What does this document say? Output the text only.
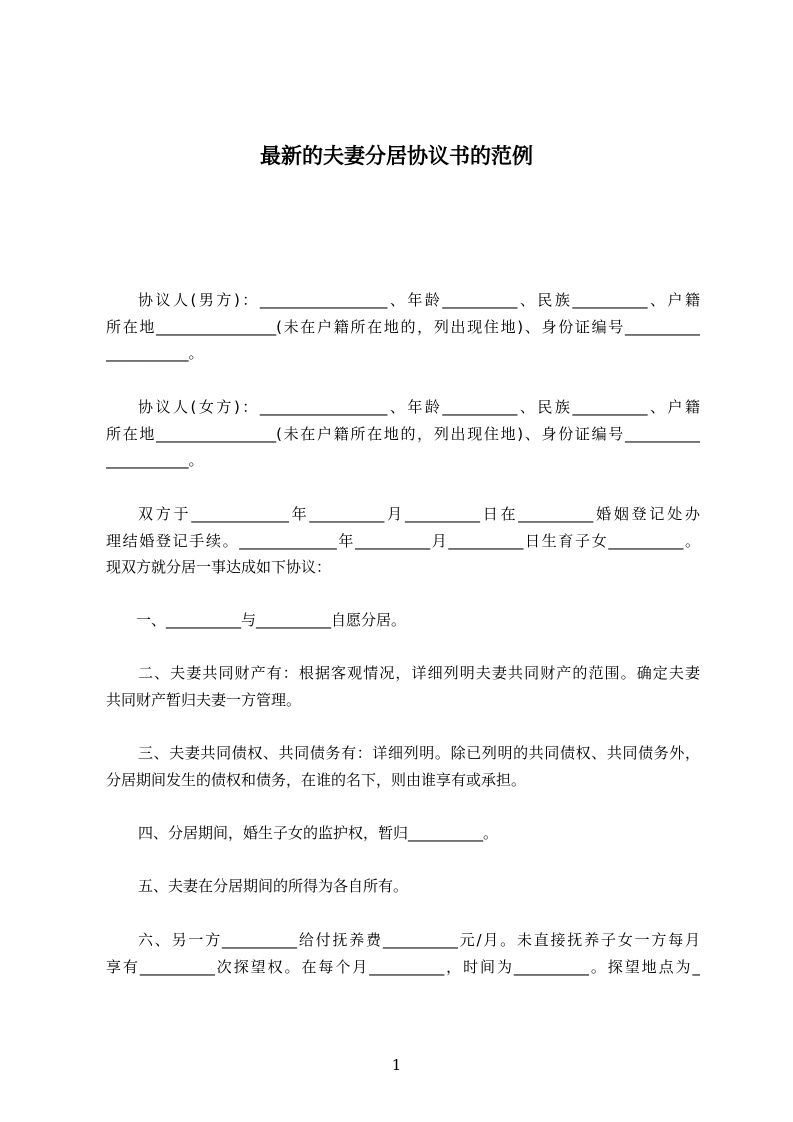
最新的夫妻分居协议书的范例
协议人(男方)：_________________、年龄__________、民族__________、户籍
所在地________________(未在户籍所在地的，列出现住地)、身份证编号__________
___________。
协议人(女方)：_________________、年龄__________、民族__________、户籍
所在地________________(未在户籍所在地的，列出现住地)、身份证编号__________
___________。
双方于_____________年__________月__________日在__________婚姻登记处办
理结婚登记手续。_____________年__________月__________日生育子女__________。
现双方就分居一事达成如下协议：
一、__________与__________自愿分居。
二、夫妻共同财产有：根据客观情况，详细列明夫妻共同财产的范围。确定夫妻
共同财产暂归夫妻一方管理。
三、夫妻共同债权、共同债务有：详细列明。除已列明的共同债权、共同债务外，
分居期间发生的债权和债务，在谁的名下，则由谁享有或承担。
四、分居期间，婚生子女的监护权，暂归__________。
五、夫妻在分居期间的所得为各自所有。
六、另一方__________给付抚养费__________元/月。未直接抚养子女一方每月
享有__________次探望权。在每个月__________，时间为__________。探望地点为_
1
